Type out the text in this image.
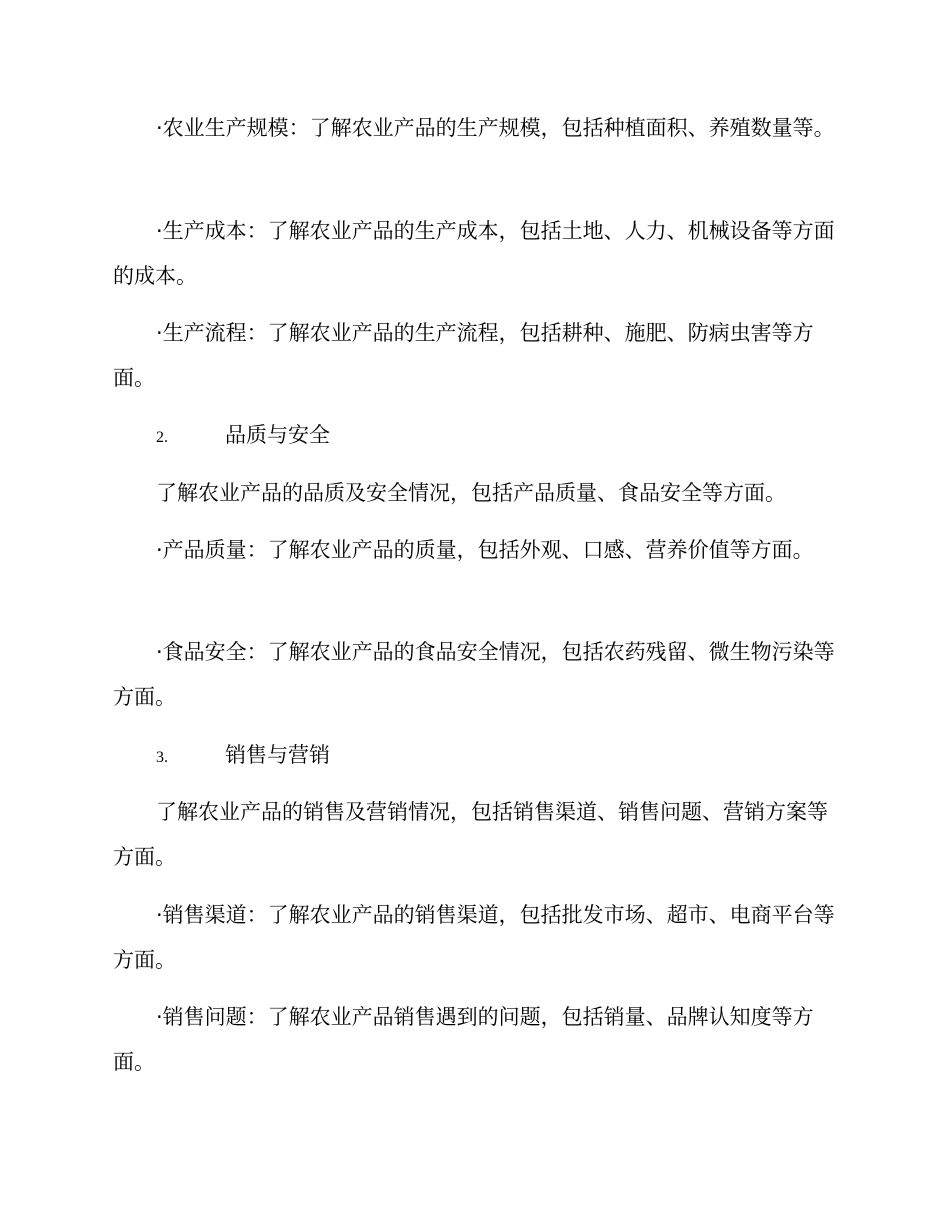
·农业生产规模：了解农业产品的生产规模，包括种植面积、养殖数量等。

·生产成本：了解农业产品的生产成本，包括土地、人力、机械设备等方面的成本。

·生产流程：了解农业产品的生产流程，包括耕种、施肥、防病虫害等方面。

2.	品质与安全

了解农业产品的品质及安全情况，包括产品质量、食品安全等方面。

·产品质量：了解农业产品的质量，包括外观、口感、营养价值等方面。

·食品安全：了解农业产品的食品安全情况，包括农药残留、微生物污染等方面。

3.	销售与营销

了解农业产品的销售及营销情况，包括销售渠道、销售问题、营销方案等方面。

·销售渠道：了解农业产品的销售渠道，包括批发市场、超市、电商平台等方面。

·销售问题：了解农业产品销售遇到的问题，包括销量、品牌认知度等方面。
